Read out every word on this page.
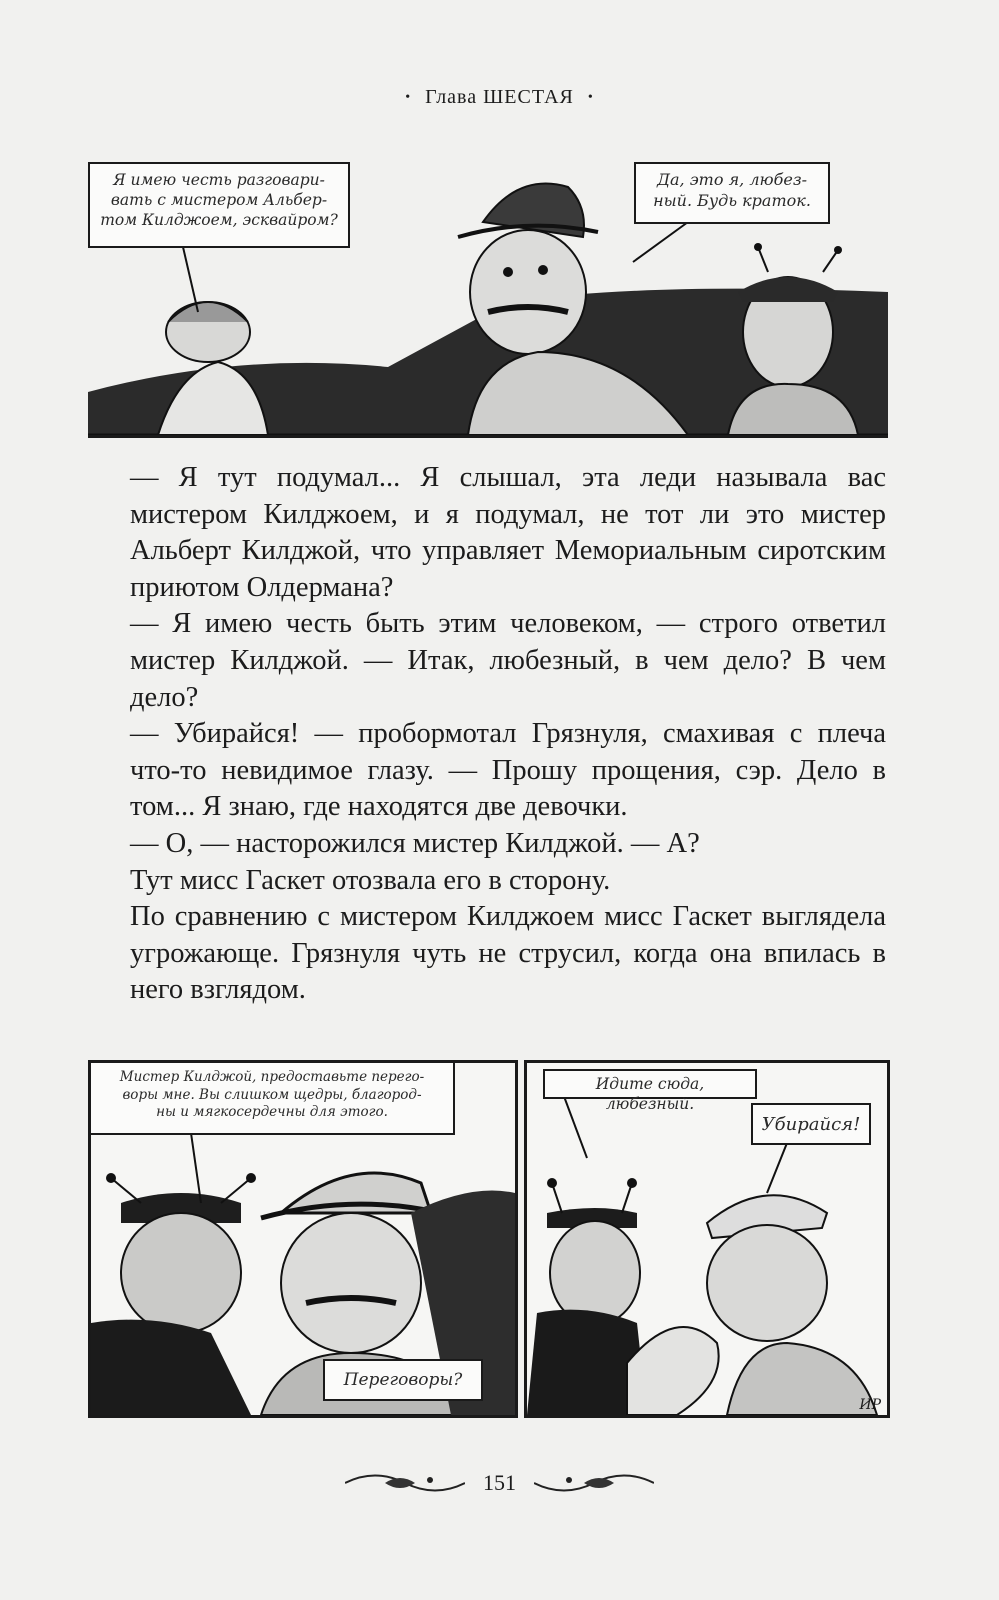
• Глава ШЕСТАЯ •
Я имею честь разговари-
вать с мистером Альбер-
том Килджоем, эсквайром?
Да, это я, любез-
ный. Будь краток.

— Я тут подумал... Я слышал, эта леди называла вас мистером Килджоем, и я подумал, не тот ли это мистер Альберт Килджой, что управляет Мемориальным сиротским приютом Олдермана?

— Я имею честь быть этим человеком, — строго ответил мистер Килджой. — Итак, любезный, в чем дело? В чем дело?

— Убирайся! — пробормотал Грязнуля, смахивая с плеча что-то невидимое глазу. — Прошу прощения, сэр. Дело в том... Я знаю, где находятся две девочки.

— О, — насторожился мистер Килджой. — А?

Тут мисс Гаскет отозвала его в сторону.

По сравнению с мистером Килджоем мисс Гаскет выглядела угрожающе. Грязнуля чуть не струсил, когда она впилась в него взглядом.

Мистер Килджой, предоставьте перего-
воры мне. Вы слишком щедры, благород-
ны и мягкосердечны для этого.
Переговоры?
Идите сюда, любезный.
Убирайся!
ИР
151
